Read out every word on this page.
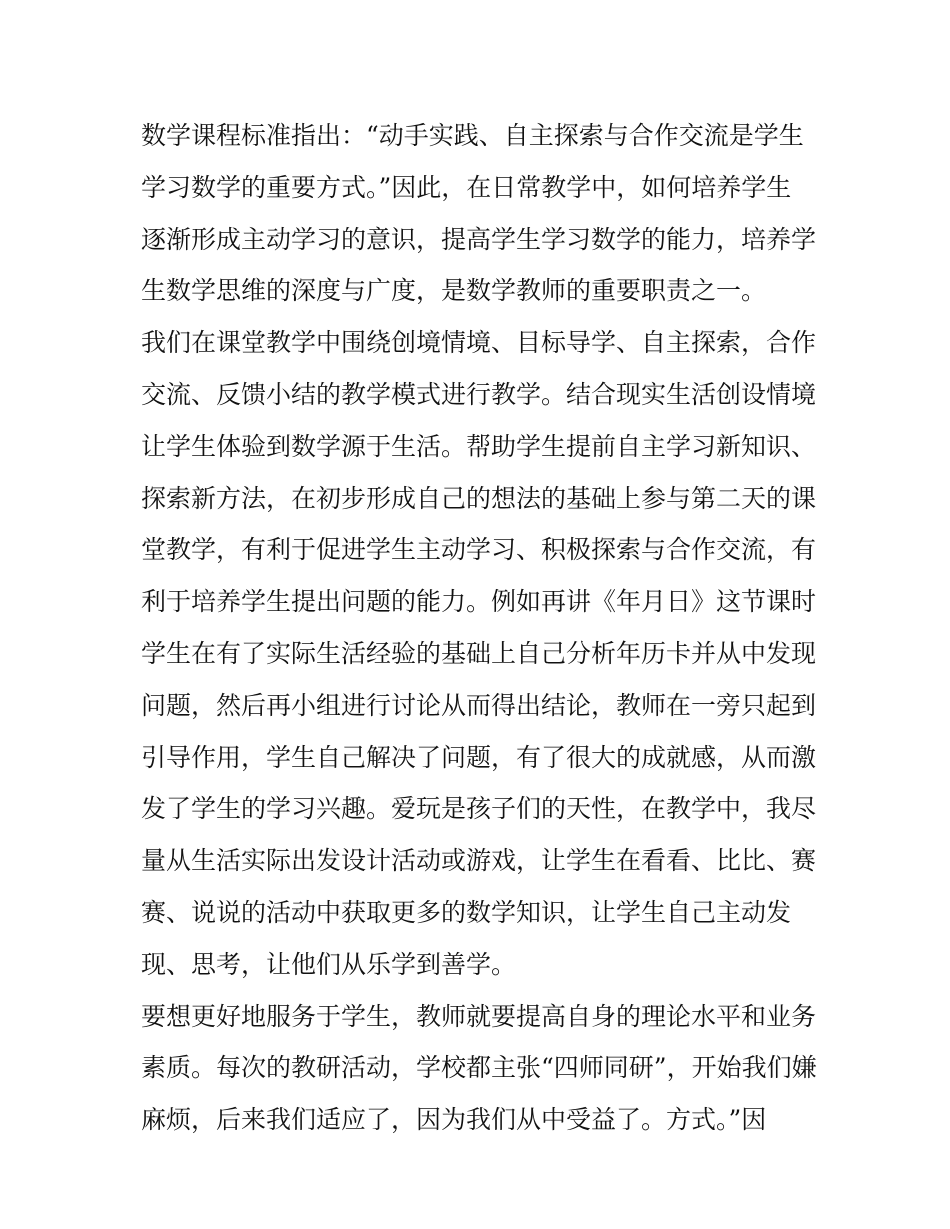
数学课程标准指出：“动手实践、自主探索与合作交流是学生
学习数学的重要方式。”因此，在日常教学中，如何培养学生
逐渐形成主动学习的意识，提高学生学习数学的能力，培养学
生数学思维的深度与广度，是数学教师的重要职责之一。
我们在课堂教学中围绕创境情境、目标导学、自主探索，合作
交流、反馈小结的教学模式进行教学。结合现实生活创设情境
让学生体验到数学源于生活。帮助学生提前自主学习新知识、
探索新方法，在初步形成自己的想法的基础上参与第二天的课
堂教学，有利于促进学生主动学习、积极探索与合作交流，有
利于培养学生提出问题的能力。例如再讲《年月日》这节课时
学生在有了实际生活经验的基础上自己分析年历卡并从中发现
问题，然后再小组进行讨论从而得出结论，教师在一旁只起到
引导作用，学生自己解决了问题，有了很大的成就感，从而激
发了学生的学习兴趣。爱玩是孩子们的天性，在教学中，我尽
量从生活实际出发设计活动或游戏，让学生在看看、比比、赛
赛、说说的活动中获取更多的数学知识，让学生自己主动发
现、思考，让他们从乐学到善学。
要想更好地服务于学生，教师就要提高自身的理论水平和业务
素质。每次的教研活动，学校都主张“四师同研”，开始我们嫌
麻烦，后来我们适应了，因为我们从中受益了。方式。”因
